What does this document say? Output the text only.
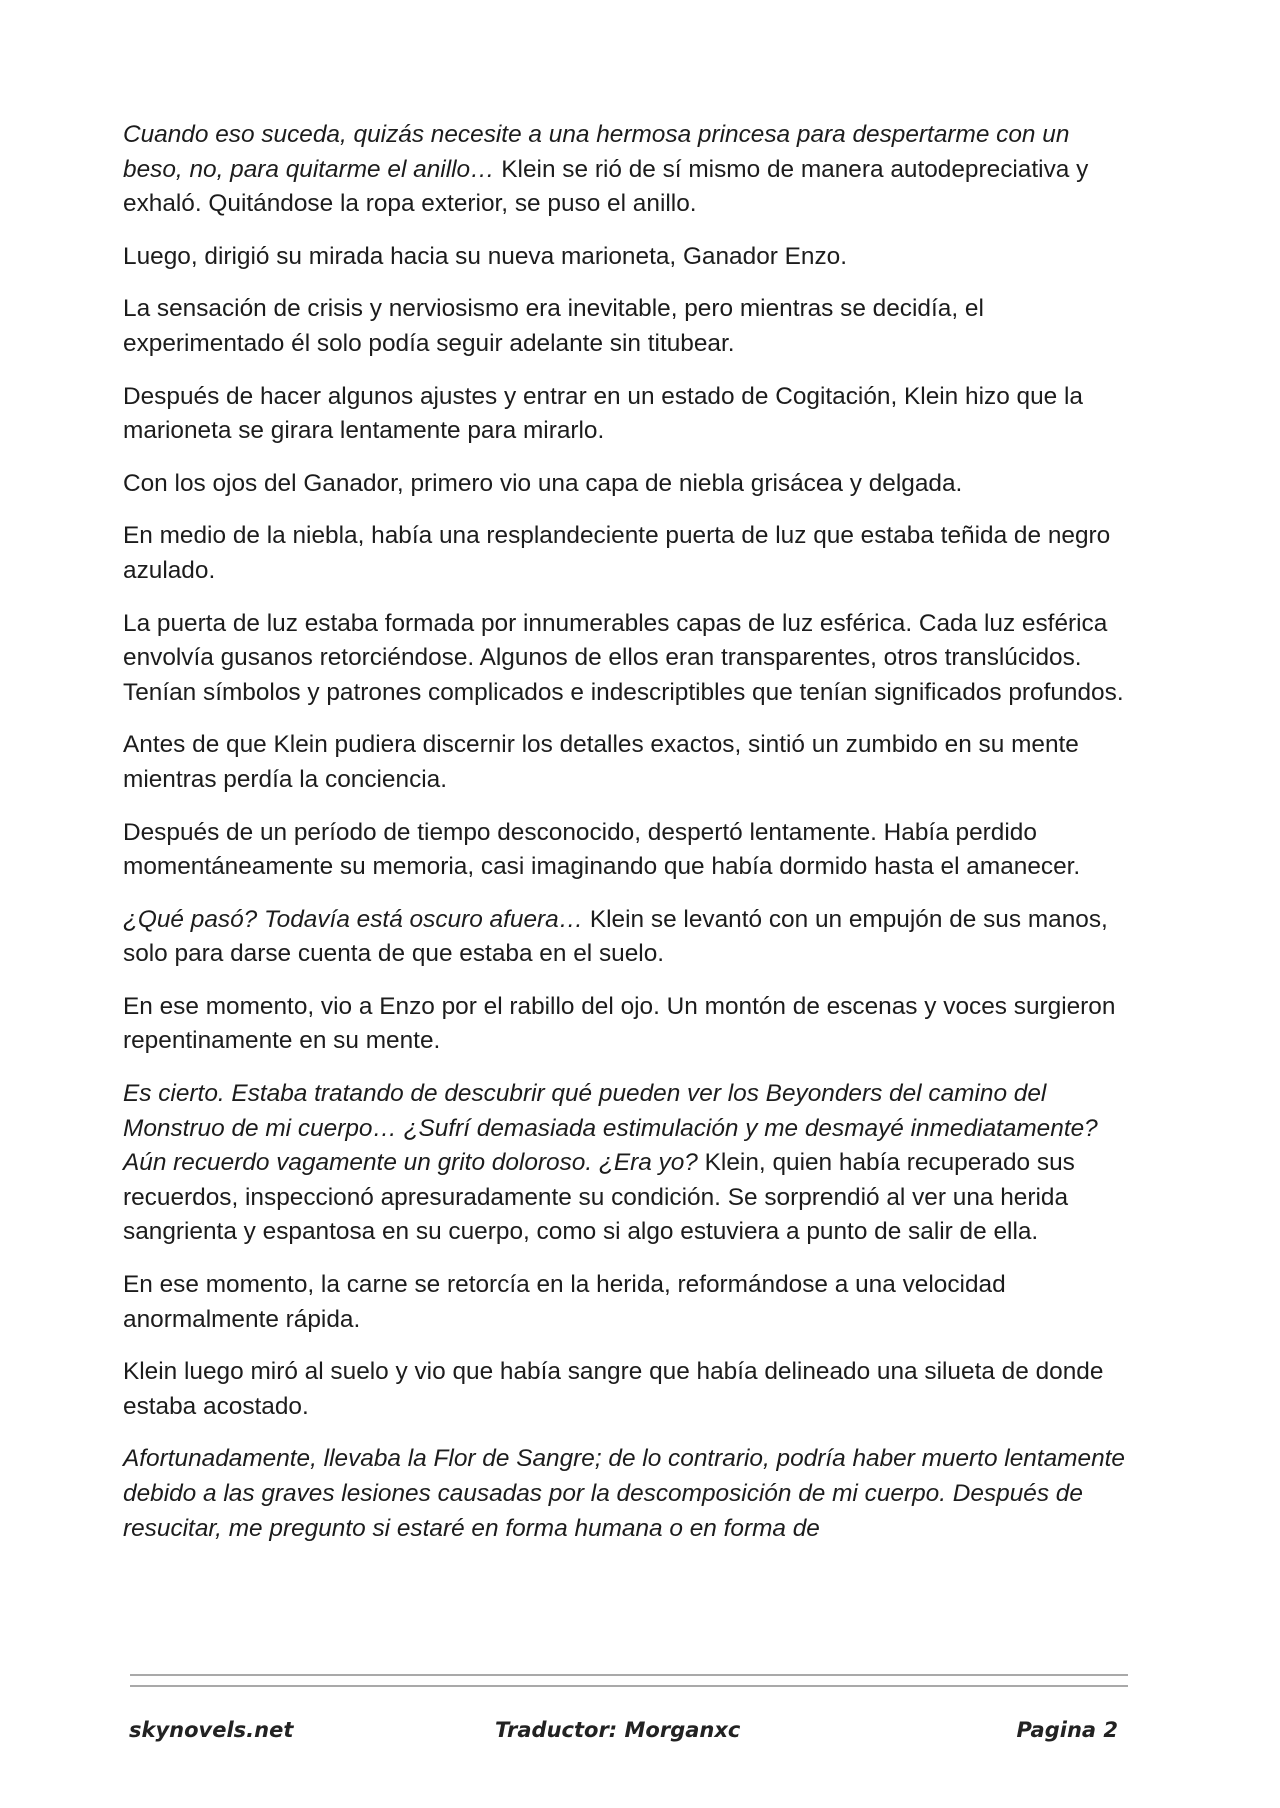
Cuando eso suceda, quizás necesite a una hermosa princesa para despertarme con un beso, no, para quitarme el anillo… Klein se rió de sí mismo de manera autodepreciativa y exhaló. Quitándose la ropa exterior, se puso el anillo.

Luego, dirigió su mirada hacia su nueva marioneta, Ganador Enzo.

La sensación de crisis y nerviosismo era inevitable, pero mientras se decidía, el experimentado él solo podía seguir adelante sin titubear.

Después de hacer algunos ajustes y entrar en un estado de Cogitación, Klein hizo que la marioneta se girara lentamente para mirarlo.

Con los ojos del Ganador, primero vio una capa de niebla grisácea y delgada.

En medio de la niebla, había una resplandeciente puerta de luz que estaba teñida de negro azulado.

La puerta de luz estaba formada por innumerables capas de luz esférica. Cada luz esférica envolvía gusanos retorciéndose. Algunos de ellos eran transparentes, otros translúcidos. Tenían símbolos y patrones complicados e indescriptibles que tenían significados profundos.

Antes de que Klein pudiera discernir los detalles exactos, sintió un zumbido en su mente mientras perdía la conciencia.

Después de un período de tiempo desconocido, despertó lentamente. Había perdido momentáneamente su memoria, casi imaginando que había dormido hasta el amanecer.

¿Qué pasó? Todavía está oscuro afuera… Klein se levantó con un empujón de sus manos, solo para darse cuenta de que estaba en el suelo.

En ese momento, vio a Enzo por el rabillo del ojo. Un montón de escenas y voces surgieron repentinamente en su mente.

Es cierto. Estaba tratando de descubrir qué pueden ver los Beyonders del camino del Monstruo de mi cuerpo… ¿Sufrí demasiada estimulación y me desmayé inmediatamente? Aún recuerdo vagamente un grito doloroso. ¿Era yo? Klein, quien había recuperado sus recuerdos, inspeccionó apresuradamente su condición. Se sorprendió al ver una herida sangrienta y espantosa en su cuerpo, como si algo estuviera a punto de salir de ella.

En ese momento, la carne se retorcía en la herida, reformándose a una velocidad anormalmente rápida.

Klein luego miró al suelo y vio que había sangre que había delineado una silueta de donde estaba acostado.

Afortunadamente, llevaba la Flor de Sangre; de lo contrario, podría haber muerto lentamente debido a las graves lesiones causadas por la descomposición de mi cuerpo. Después de resucitar, me pregunto si estaré en forma humana o en forma de

skynovels.net	Traductor: Morganxc	Pagina 2
